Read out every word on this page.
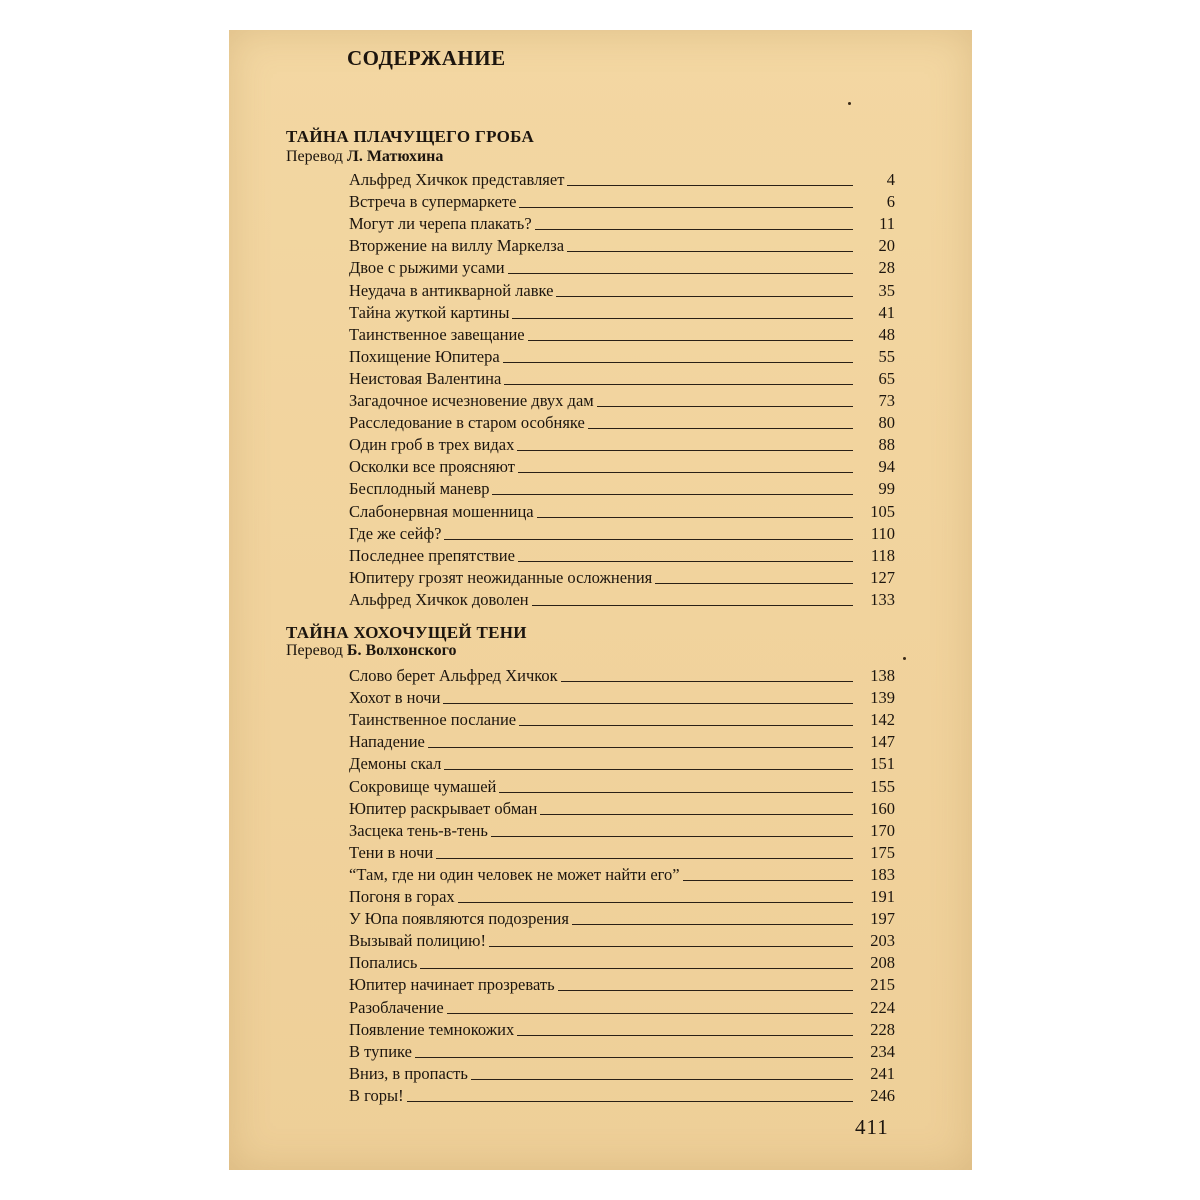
СОДЕРЖАНИЕ
ТАЙНА ПЛАЧУЩЕГО ГРОБА
Перевод Л. Матюхина
Альфред Хичкок представляет	4
Встреча в супермаркете	6
Могут ли черепа плакать?	11
Вторжение на виллу Маркелза	20
Двое с рыжими усами	28
Неудача в антикварной лавке	35
Тайна жуткой картины	41
Таинственное завещание	48
Похищение Юпитера	55
Неистовая Валентина	65
Загадочное исчезновение двух дам	73
Расследование в старом особняке	80
Один гроб в трех видах	88
Осколки все проясняют	94
Бесплодный маневр	99
Слабонервная мошенница	105
Где же сейф?	110
Последнее препятствие	118
Юпитеру грозят неожиданные осложнения	127
Альфред Хичкок доволен	133
ТАЙНА ХОХОЧУЩЕЙ ТЕНИ
Перевод Б. Волхонского
Слово берет Альфред Хичкок	138
Хохот в ночи	139
Таинственное послание	142
Нападение	147
Демоны скал	151
Сокровище чумашей	155
Юпитер раскрывает обман	160
Засцека тень-в-тень	170
Тени в ночи	175
“Там, где ни один человек не может найти его”	183
Погоня в горах	191
У Юпа появляются подозрения	197
Вызывай полицию!	203
Попались	208
Юпитер начинает прозревать	215
Разоблачение	224
Появление темнокожих	228
В тупике	234
Вниз, в пропасть	241
В горы!	246
411
